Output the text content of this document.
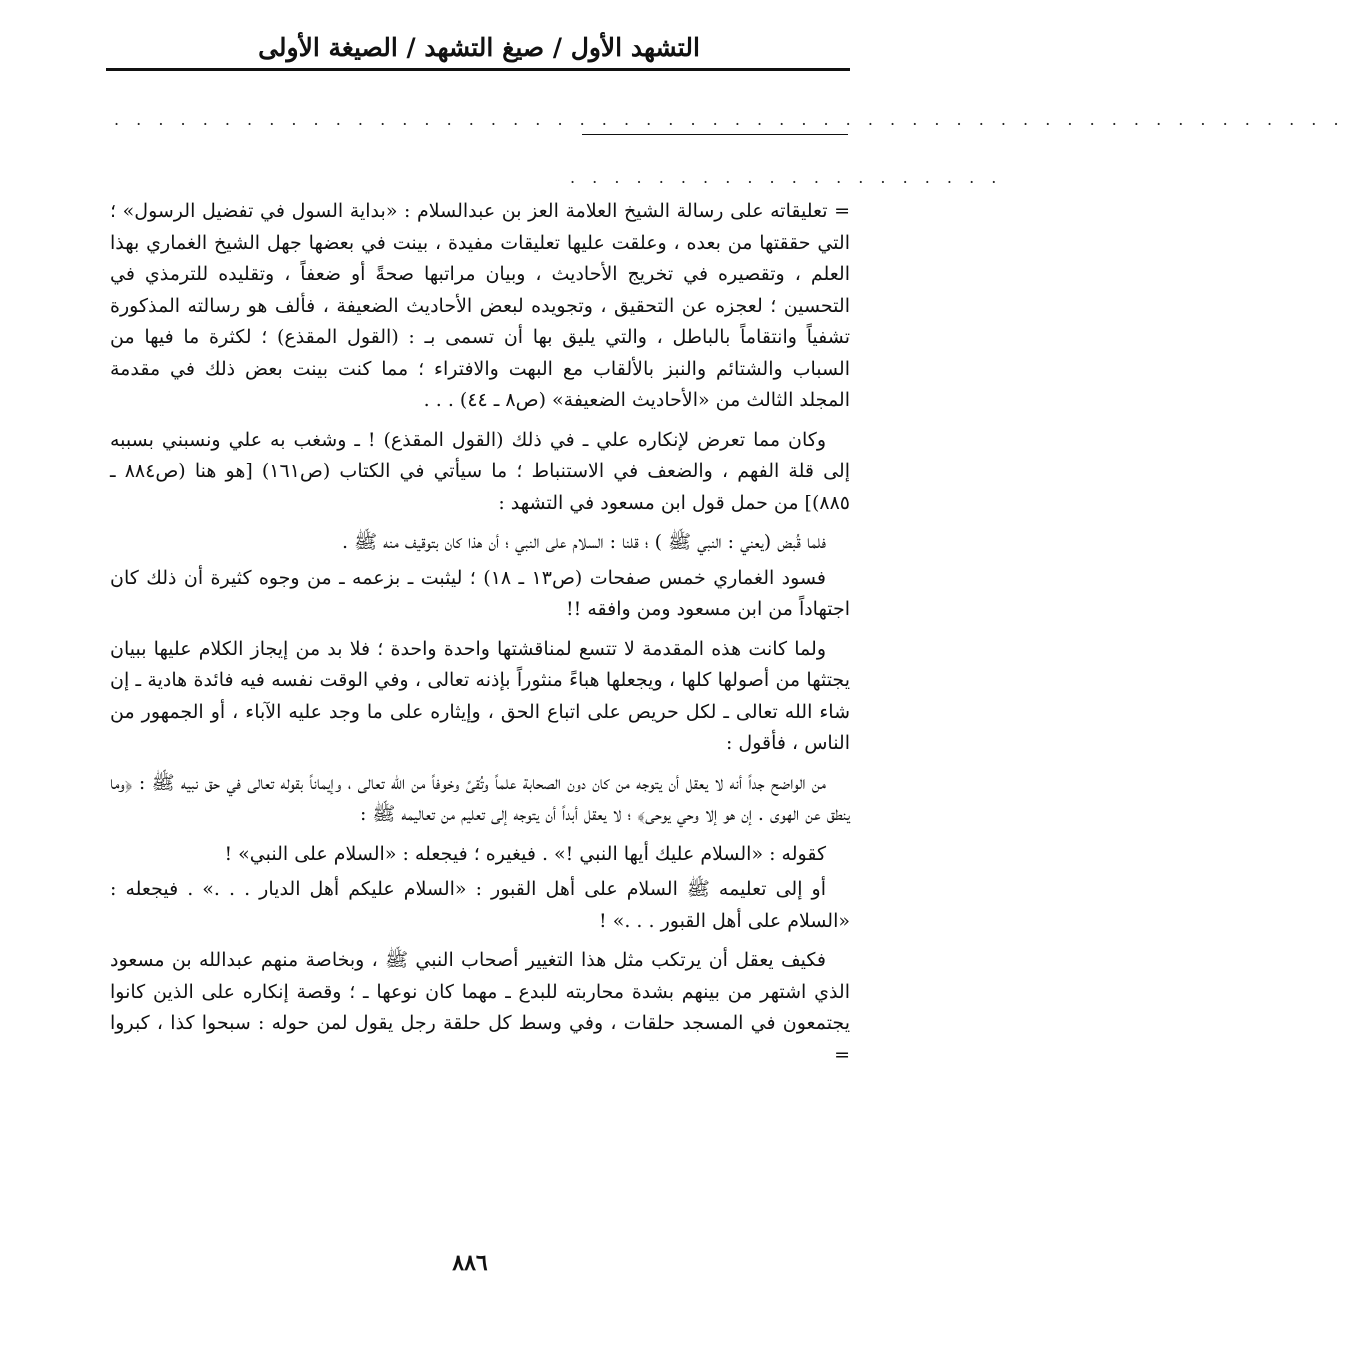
التشهد الأول / صيغ التشهد / الصيغة الأولى
. . . . . . . . . . . . . . . . . . . . . . . . . . . . . . . . . . . . . . . . . . . . . . . . . . . . . . . .
. . . . . . . . . . . . . . . . . . . .

= تعليقاته على رسالة الشيخ العلامة العز بن عبدالسلام : «بداية السول في تفضيل الرسول» ؛ التي حققتها من بعده ، وعلقت عليها تعليقات مفيدة ، بينت في بعضها جهل الشيخ الغماري بهذا العلم ، وتقصيره في تخريج الأحاديث ، وبيان مراتبها صحةً أو ضعفاً ، وتقليده للترمذي في التحسين ؛ لعجزه عن التحقيق ، وتجويده لبعض الأحاديث الضعيفة ، فألف هو رسالته المذكورة تشفياً وانتقاماً بالباطل ، والتي يليق بها أن تسمى بـ : (القول المقذع) ؛ لكثرة ما فيها من السباب والشتائم والنبز بالألقاب مع البهت والافتراء ؛ مما كنت بينت بعض ذلك في مقدمة المجلد الثالث من «الأحاديث الضعيفة» (ص٨ ـ ٤٤) . . .

وكان مما تعرض لإنكاره علي ـ في ذلك (القول المقذع) ! ـ وشغب به علي ونسبني بسببه إلى قلة الفهم ، والضعف في الاستنباط ؛ ما سيأتي في الكتاب (ص١٦١) [هو هنا (ص٨٨٤ ـ ٨٨٥)] من حمل قول ابن مسعود في التشهد :

فلما قُبض (يعني : النبي ﷺ ) ؛ قلنا : السلام على النبي ؛ أن هذا كان بتوقيف منه ﷺ .

فسود الغماري خمس صفحات (ص١٣ ـ ١٨) ؛ ليثبت ـ بزعمه ـ من وجوه كثيرة أن ذلك كان اجتهاداً من ابن مسعود ومن وافقه !!

ولما كانت هذه المقدمة لا تتسع لمناقشتها واحدة واحدة ؛ فلا بد من إيجاز الكلام عليها ببيان يجتثها من أصولها كلها ، ويجعلها هباءً منثوراً بإذنه تعالى ، وفي الوقت نفسه فيه فائدة هادية ـ إن شاء الله تعالى ـ لكل حريص على اتباع الحق ، وإيثاره على ما وجد عليه الآباء ، أو الجمهور من الناس ، فأقول :

من الواضح جداً أنه لا يعقل أن يتوجه من كان دون الصحابة علماً وتُقىً وخوفاً من الله تعالى ، وإيماناً بقوله تعالى في حق نبيه ﷺ : ﴿وما ينطق عن الهوى . إن هو إلا وحي يوحى﴾ ؛ لا يعقل أبداً أن يتوجه إلى تعليم من تعاليمه ﷺ :

كقوله : «السلام عليك أيها النبي !» . فيغيره ؛ فيجعله : «السلام على النبي» !

أو إلى تعليمه ﷺ السلام على أهل القبور : «السلام عليكم أهل الديار . . .» . فيجعله : «السلام على أهل القبور . . .» !

فكيف يعقل أن يرتكب مثل هذا التغيير أصحاب النبي ﷺ ، وبخاصة منهم عبدالله بن مسعود الذي اشتهر من بينهم بشدة محاربته للبدع ـ مهما كان نوعها ـ ؛ وقصة إنكاره على الذين كانوا يجتمعون في المسجد حلقات ، وفي وسط كل حلقة رجل يقول لمن حوله : سبحوا كذا ، كبروا =

٨٨٦
